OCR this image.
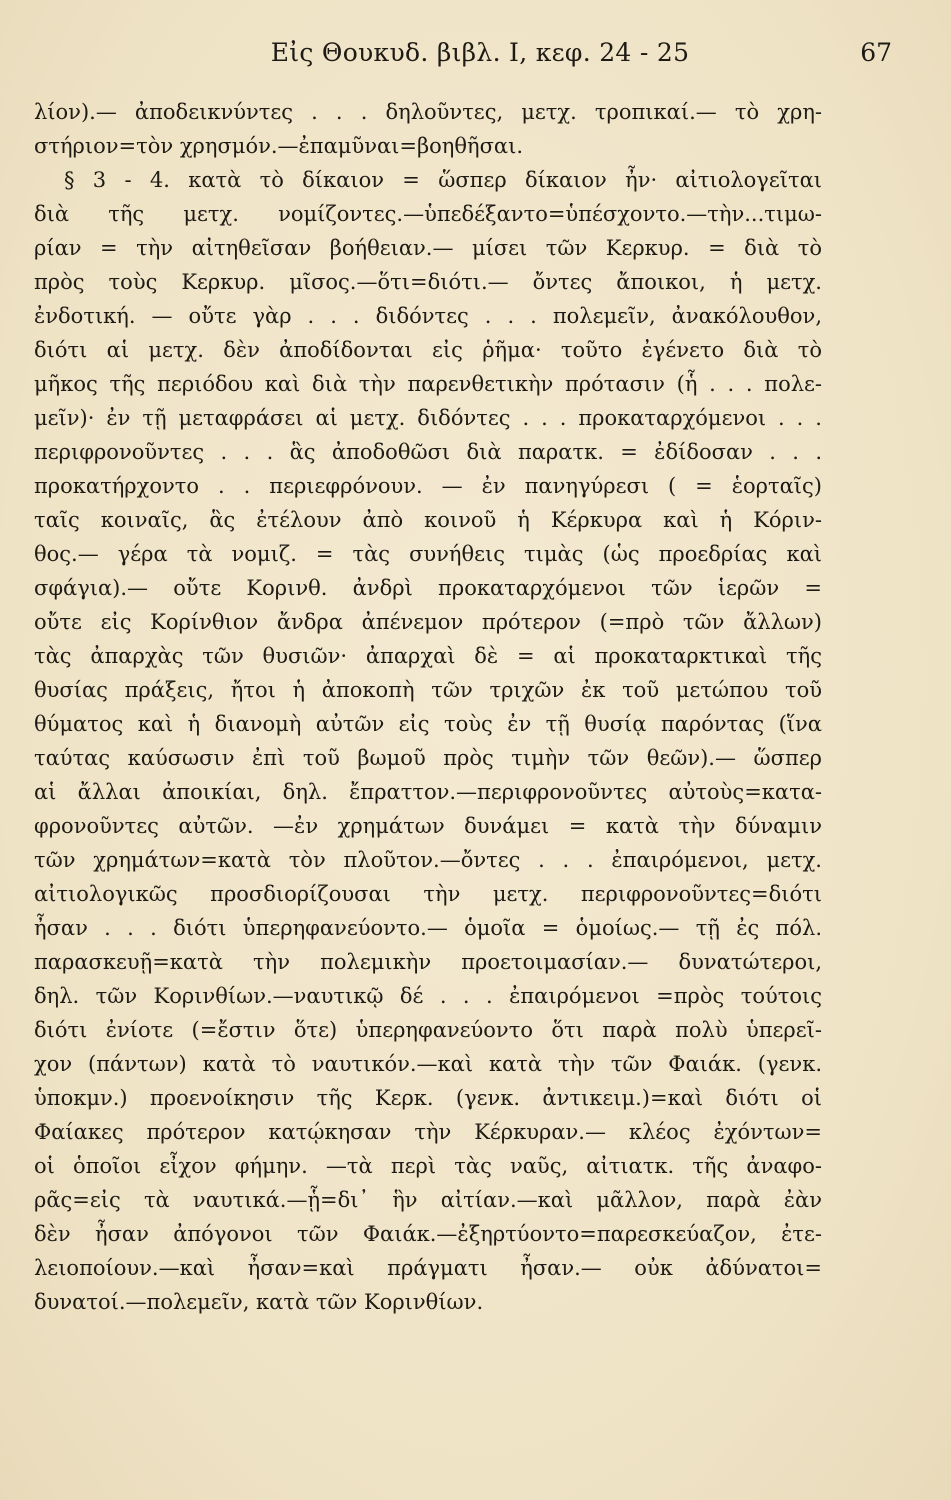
Εἰς Θουκυδ. βιβλ. Ι, κεφ. 24 - 25	67
λίον).— ἀποδεικνύντες . . . δηλοῦντες, μετχ. τροπικαί.— τὸ χρη-
στήριον=τὸν χρησμόν.—ἐπαμῦναι=βοηθῆσαι.
§ 3 - 4. κατὰ τὸ δίκαιον = ὥσπερ δίκαιον ἦν· αἰτιολογεῖται
διὰ τῆς μετχ. νομίζοντες.—ὑπεδέξαντο=ὑπέσχοντο.—τὴν...τιμω-
ρίαν = τὴν αἰτηθεῖσαν βοήθειαν.— μίσει τῶν Κερκυρ. = διὰ τὸ
πρὸς τοὺς Κερκυρ. μῖσος.—ὅτι=διότι.— ὄντες ἄποικοι, ἡ μετχ.
ἐνδοτική. — οὔτε γὰρ . . . διδόντες . . . πολεμεῖν, ἀνακόλουθον,
διότι αἱ μετχ. δὲν ἀποδίδονται εἰς ῥῆμα· τοῦτο ἐγένετο διὰ τὸ
μῆκος τῆς περιόδου καὶ διὰ τὴν παρενθετικὴν πρότασιν (ἧ . . . πολε-
μεῖν)· ἐν τῇ μεταφράσει αἱ μετχ. διδόντες . . . προκαταρχόμενοι . . .
περιφρονοῦντες . . . ἃς ἀποδοθῶσι διὰ παρατκ. = ἐδίδοσαν . . .
προκατήρχοντο . . περιεφρόνουν. — ἐν πανηγύρεσι ( = ἑορταῖς)
ταῖς κοιναῖς, ἃς ἐτέλουν ἀπὸ κοινοῦ ἡ Κέρκυρα καὶ ἡ Κόριν-
θος.— γέρα τὰ νομιζ. = τὰς συνήθεις τιμὰς (ὡς προεδρίας καὶ
σφάγια).— οὔτε Κορινθ. ἀνδρὶ προκαταρχόμενοι τῶν ἱερῶν =
οὔτε εἰς Κορίνθιον ἄνδρα ἀπένεμον πρότερον (=πρὸ τῶν ἄλλων)
τὰς ἀπαρχὰς τῶν θυσιῶν· ἀπαρχαὶ δὲ = αἱ προκαταρκτικαὶ τῆς
θυσίας πράξεις, ἤτοι ἡ ἀποκοπὴ τῶν τριχῶν ἐκ τοῦ μετώπου τοῦ
θύματος καὶ ἡ διανομὴ αὐτῶν εἰς τοὺς ἐν τῇ θυσίᾳ παρόντας (ἵνα
ταύτας καύσωσιν ἐπὶ τοῦ βωμοῦ πρὸς τιμὴν τῶν θεῶν).— ὥσπερ
αἱ ἄλλαι ἀποικίαι, δηλ. ἔπραττον.—περιφρονοῦντες αὐτοὺς=κατα-
φρονοῦντες αὐτῶν. —ἐν χρημάτων δυνάμει = κατὰ τὴν δύναμιν
τῶν χρημάτων=κατὰ τὸν πλοῦτον.—ὄντες . . . ἐπαιρόμενοι, μετχ.
αἰτιολογικῶς προσδιορίζουσαι τὴν μετχ. περιφρονοῦντες=διότι
ἦσαν . . . διότι ὑπερηφανεύοντο.— ὁμοῖα = ὁμοίως.— τῇ ἐς πόλ.
παρασκευῇ=κατὰ τὴν πολεμικὴν προετοιμασίαν.— δυνατώτεροι,
δηλ. τῶν Κορινθίων.—ναυτικῷ δέ . . . ἐπαιρόμενοι =πρὸς τούτοις
διότι ἐνίοτε (=ἔστιν ὅτε) ὑπερηφανεύοντο ὅτι παρὰ πολὺ ὑπερεῖ-
χον (πάντων) κατὰ τὸ ναυτικόν.—καὶ κατὰ τὴν τῶν Φαιάκ. (γενκ.
ὑποκμν.) προενοίκησιν τῆς Κερκ. (γενκ. ἀντικειμ.)=καὶ διότι οἱ
Φαίακες πρότερον κατῴκησαν τὴν Κέρκυραν.— κλέος ἐχόντων=
οἱ ὁποῖοι εἶχον φήμην. —τὰ περὶ τὰς ναῦς, αἰτιατκ. τῆς ἀναφο-
ρᾶς=εἰς τὰ ναυτικά.—ᾗ=δι᾿ ἣν αἰτίαν.—καὶ μᾶλλον, παρὰ ἐὰν
δὲν ἦσαν ἀπόγονοι τῶν Φαιάκ.—ἐξηρτύοντο=παρεσκεύαζον, ἐτε-
λειοποίουν.—καὶ ἦσαν=καὶ πράγματι ἦσαν.— οὐκ ἀδύνατοι=
δυνατοί.—πολεμεῖν, κατὰ τῶν Κορινθίων.
